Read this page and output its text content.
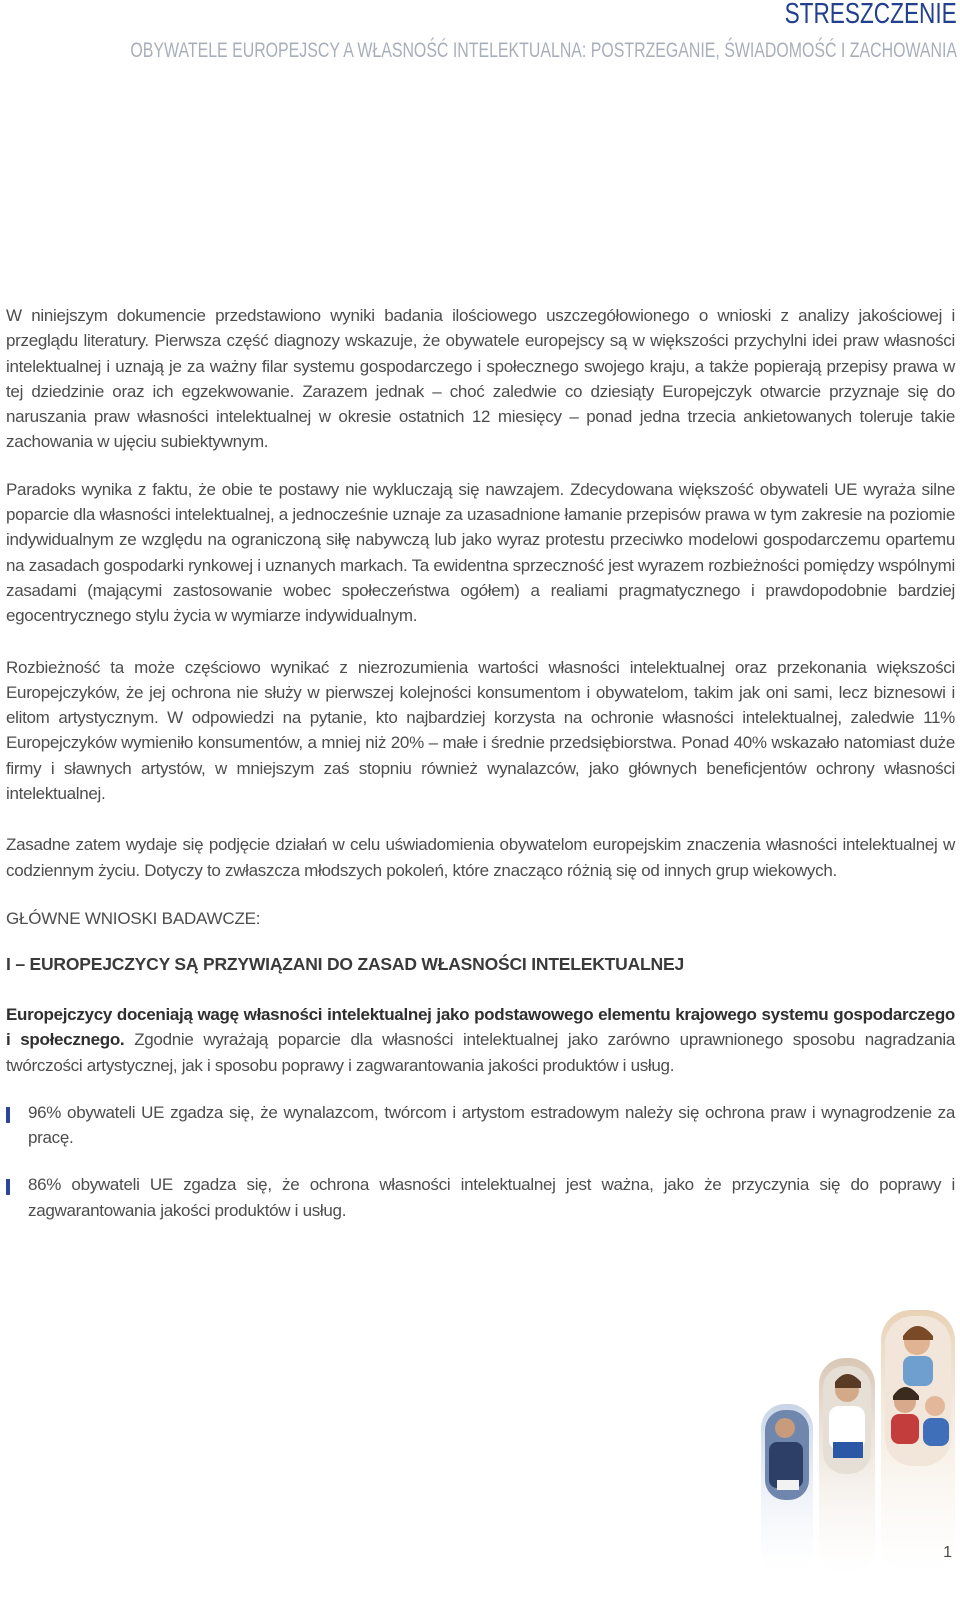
STRESZCZENIE
OBYWATELE EUROPEJSCY A WŁASNOŚĆ INTELEKTUALNA: POSTRZEGANIE, ŚWIADOMOŚĆ I ZACHOWANIA

W niniejszym dokumencie przedstawiono wyniki badania ilościowego uszczegółowionego o wnioski z analizy jakościowej i przeglądu literatury. Pierwsza część diagnozy wskazuje, że obywatele europejscy są w większości przychylni idei praw własności intelektualnej i uznają je za ważny filar systemu gospodarczego i społecznego swojego kraju, a także popierają przepisy prawa w tej dziedzinie oraz ich egzekwowanie. Zarazem jednak – choć zaledwie co dziesiąty Europejczyk otwarcie przyznaje się do naruszania praw własności intelektualnej w okresie ostatnich 12 miesięcy – ponad jedna trzecia ankietowanych toleruje takie zachowania w ujęciu subiektywnym.

Paradoks wynika z faktu, że obie te postawy nie wykluczają się nawzajem. Zdecydowana większość obywateli UE wyraża silne poparcie dla własności intelektualnej, a jednocześnie uznaje za uzasadnione łamanie przepisów prawa w tym zakresie na poziomie indywidualnym ze względu na ograniczoną siłę nabywczą lub jako wyraz protestu przeciwko modelowi gospodarczemu opartemu na zasadach gospodarki rynkowej i uznanych markach. Ta ewidentna sprzeczność jest wyrazem rozbieżności pomiędzy wspólnymi zasadami (mającymi zastosowanie wobec społeczeństwa ogółem) a realiami pragmatycznego i prawdopodobnie bardziej egocentrycznego stylu życia w wymiarze indywidualnym.

Rozbieżność ta może częściowo wynikać z niezrozumienia wartości własności intelektualnej oraz przekonania większości Europejczyków, że jej ochrona nie służy w pierwszej kolejności konsumentom i obywatelom, takim jak oni sami, lecz biznesowi i elitom artystycznym. W odpowiedzi na pytanie, kto najbardziej korzysta na ochronie własności intelektualnej, zaledwie 11% Europejczyków wymieniło konsumentów, a mniej niż 20% – małe i średnie przedsiębiorstwa. Ponad 40% wskazało natomiast duże firmy i sławnych artystów, w mniejszym zaś stopniu również wynalazców, jako głównych beneficjentów ochrony własności intelektualnej.

Zasadne zatem wydaje się podjęcie działań w celu uświadomienia obywatelom europejskim znaczenia własności intelektualnej w codziennym życiu. Dotyczy to zwłaszcza młodszych pokoleń, które znacząco różnią się od innych grup wiekowych.

GŁÓWNE WNIOSKI BADAWCZE:
I – EUROPEJCZYCY SĄ PRZYWIĄZANI DO ZASAD WŁASNOŚCI INTELEKTUALNEJ

Europejczycy doceniają wagę własności intelektualnej jako podstawowego elementu krajowego systemu gospodarczego i społecznego. Zgodnie wyrażają poparcie dla własności intelektualnej jako zarówno uprawnionego sposobu nagradzania twórczości artystycznej, jak i sposobu poprawy i zagwarantowania jakości produktów i usług.

96% obywateli UE zgadza się, że wynalazcom, twórcom i artystom estradowym należy się ochrona praw i wynagrodzenie za pracę.

86% obywateli UE zgadza się, że ochrona własności intelektualnej jest ważna, jako że przyczynia się do poprawy i zagwarantowania jakości produktów i usług.

1
